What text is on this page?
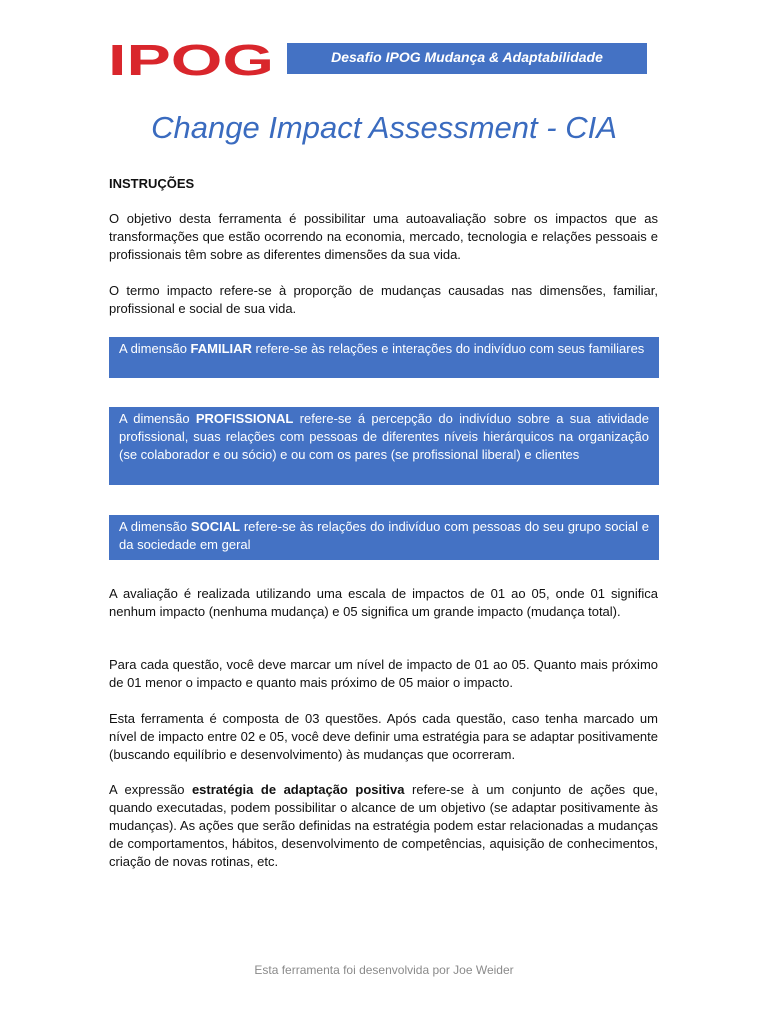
IPOG	Desafio IPOG Mudança & Adaptabilidade
Change Impact Assessment - CIA
INSTRUÇÕES
O objetivo desta ferramenta é possibilitar uma autoavaliação sobre os impactos que as transformações que estão ocorrendo na economia, mercado, tecnologia e relações pessoais e profissionais têm sobre as diferentes dimensões da sua vida.
O termo impacto refere-se à proporção de mudanças causadas nas dimensões, familiar, profissional e social de sua vida.
A dimensão FAMILIAR refere-se às relações e interações do indivíduo com seus familiares
A dimensão PROFISSIONAL refere-se á percepção do indivíduo sobre a sua atividade profissional, suas relações com pessoas de diferentes níveis hierárquicos na organização (se colaborador e ou sócio) e ou com os pares (se profissional liberal) e clientes
A dimensão SOCIAL refere-se às relações do indivíduo com pessoas do seu grupo social e da sociedade em geral
A avaliação é realizada utilizando uma escala de impactos de 01 ao 05, onde 01 significa nenhum impacto (nenhuma mudança) e 05 significa um grande impacto (mudança total).
Para cada questão, você deve marcar um nível de impacto de 01 ao 05. Quanto mais próximo de 01 menor o impacto e quanto mais próximo de 05 maior o impacto.
Esta ferramenta é composta de 03 questões. Após cada questão, caso tenha marcado um nível de impacto entre 02 e 05, você deve definir uma estratégia para se adaptar positivamente (buscando equilíbrio e desenvolvimento) às mudanças que ocorreram.
A expressão estratégia de adaptação positiva refere-se à um conjunto de ações que, quando executadas, podem possibilitar o alcance de um objetivo (se adaptar positivamente às mudanças). As ações que serão definidas na estratégia podem estar relacionadas a mudanças de comportamentos, hábitos, desenvolvimento de competências, aquisição de conhecimentos, criação de novas rotinas, etc.
Esta ferramenta foi desenvolvida por Joe Weider
